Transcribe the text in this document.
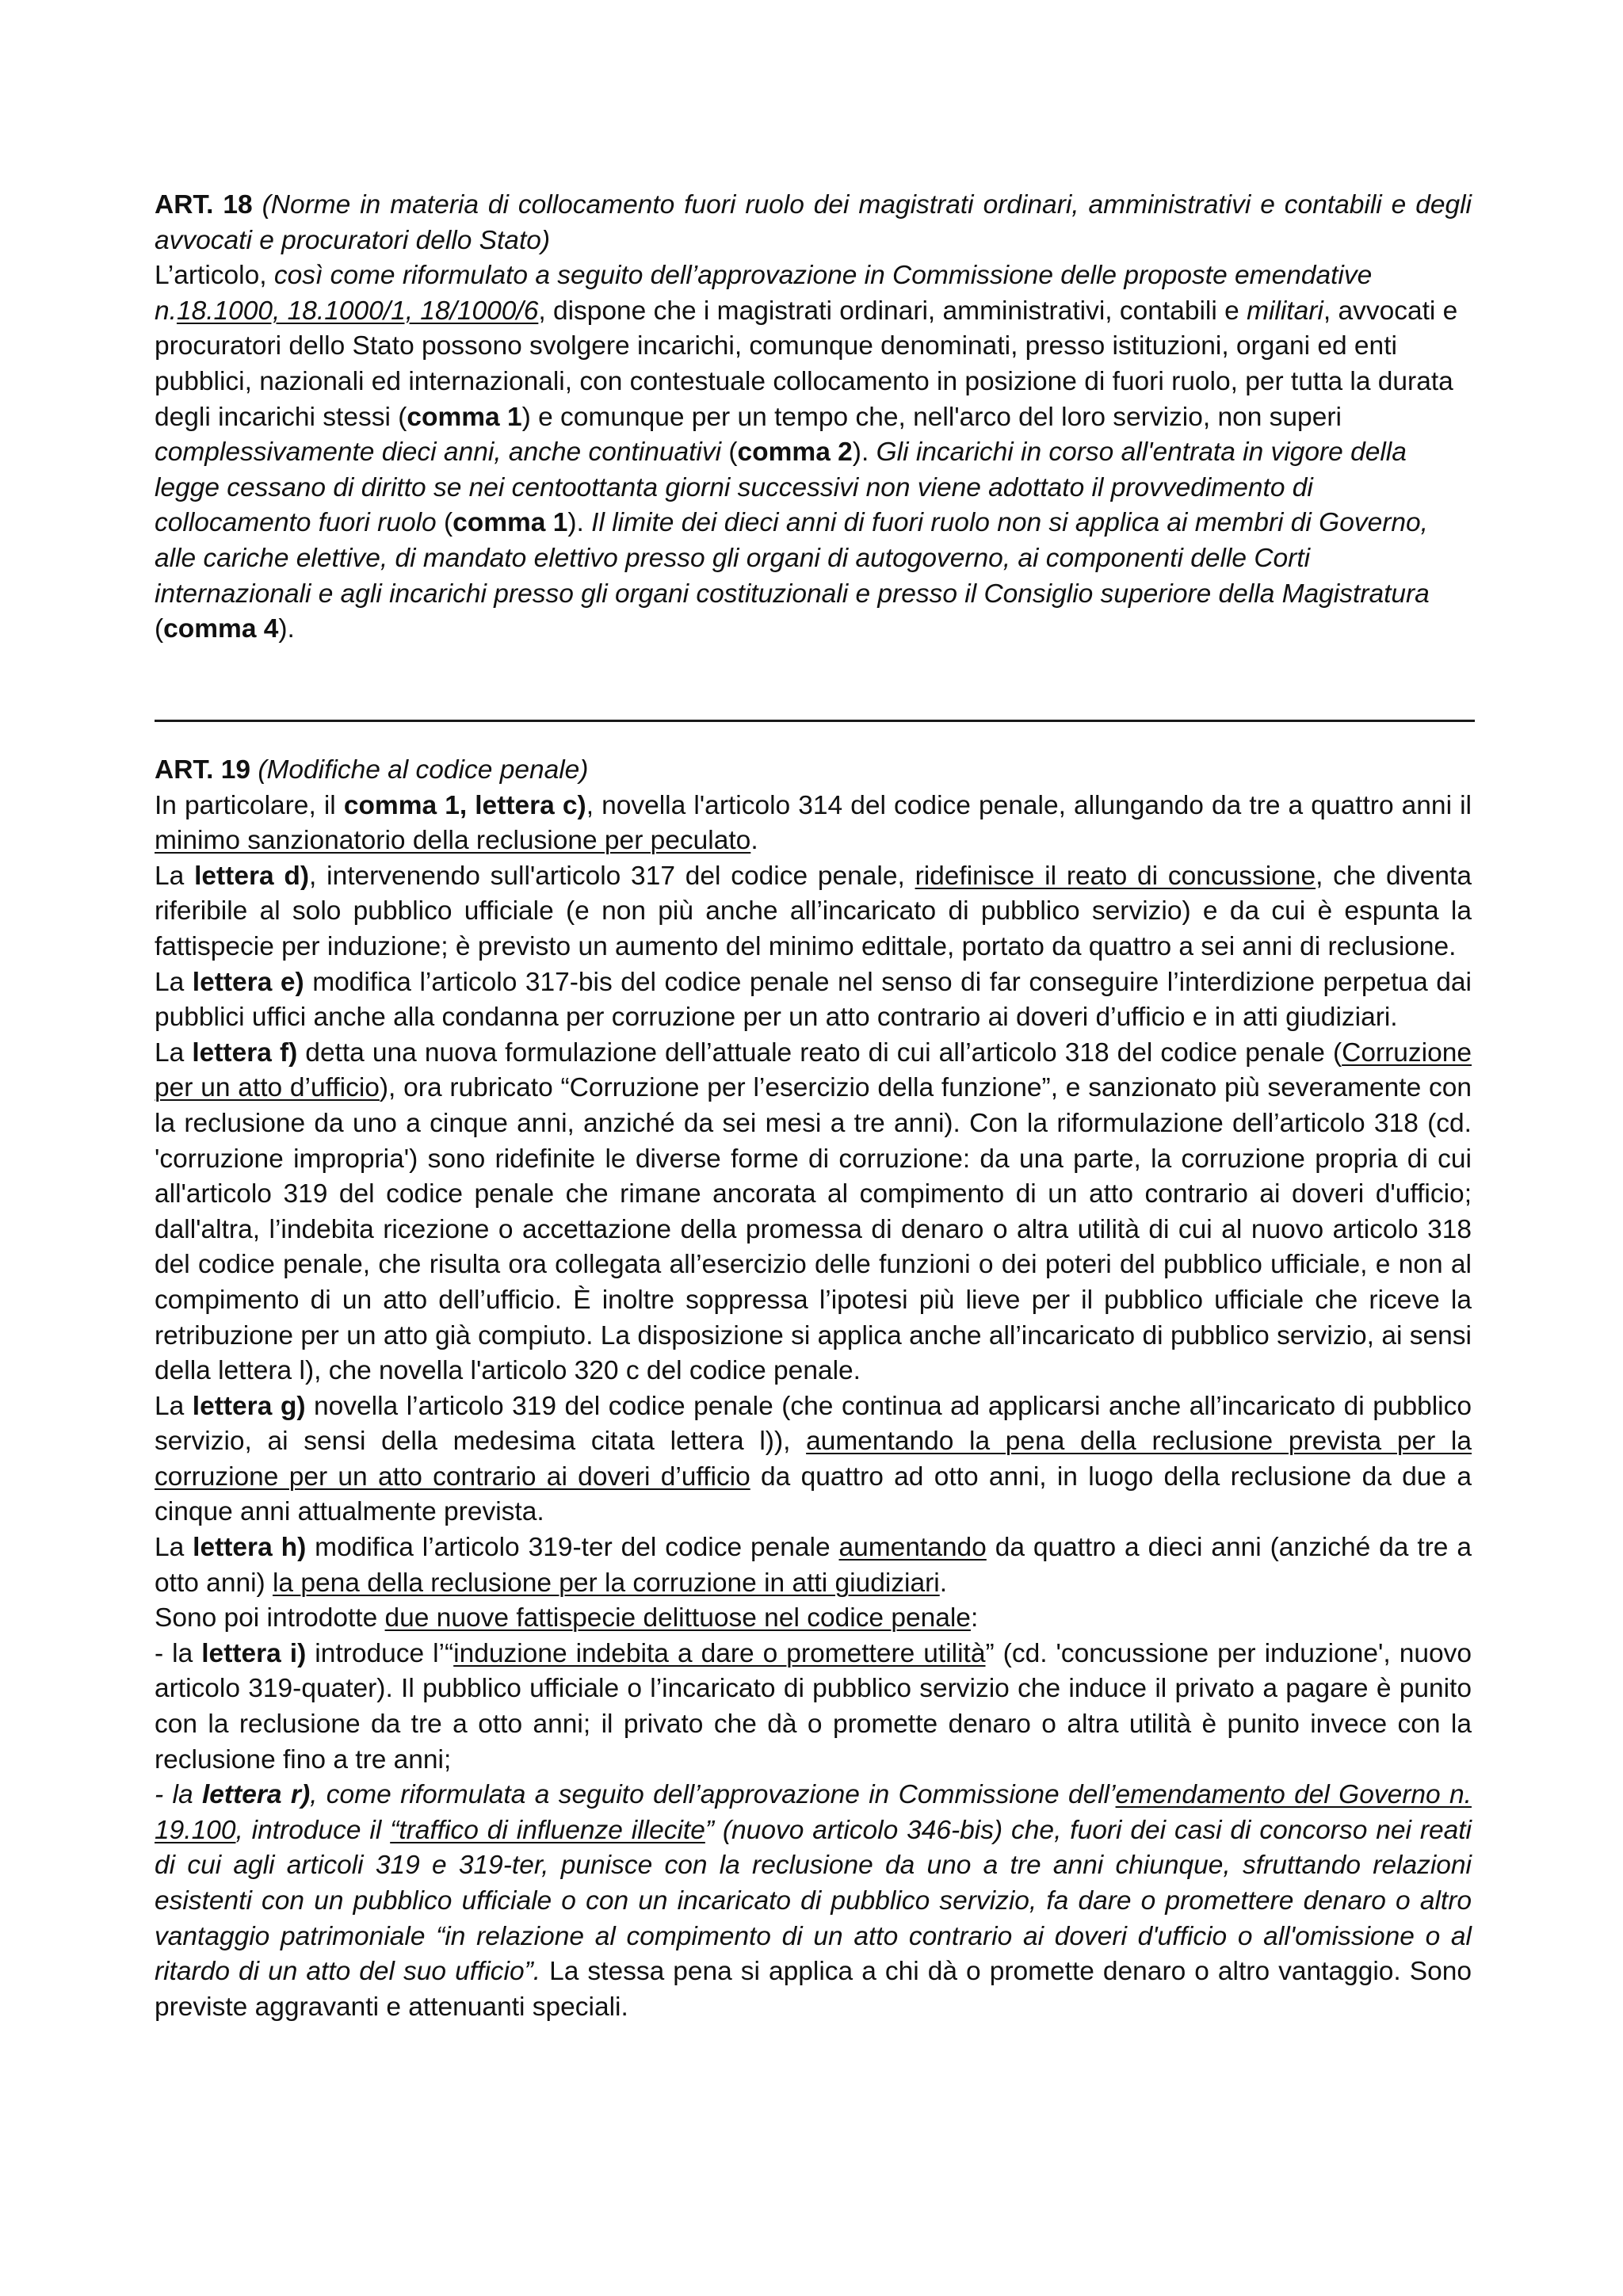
ART. 18 (Norme in materia di collocamento fuori ruolo dei magistrati ordinari, amministrativi e contabili e degli avvocati e procuratori dello Stato)

L’articolo, così come riformulato a seguito dell’approvazione in Commissione delle proposte emendative n.18.1000, 18.1000/1, 18/1000/6, dispone che i magistrati ordinari, amministrativi, contabili e militari, avvocati e procuratori dello Stato possono svolgere incarichi, comunque denominati, presso istituzioni, organi ed enti pubblici, nazionali ed internazionali, con contestuale collocamento in posizione di fuori ruolo, per tutta la durata degli incarichi stessi (comma 1) e comunque per un tempo che, nell'arco del loro servizio, non superi complessivamente dieci anni, anche continuativi (comma 2). Gli incarichi in corso all'entrata in vigore della legge cessano di diritto se nei centoottanta giorni successivi non viene adottato il provvedimento di collocamento fuori ruolo (comma 1). Il limite dei dieci anni di fuori ruolo non si applica ai membri di Governo, alle cariche elettive, di mandato elettivo presso gli organi di autogoverno, ai componenti delle Corti internazionali e agli incarichi presso gli organi costituzionali e presso il Consiglio superiore della Magistratura (comma 4).

ART. 19 (Modifiche al codice penale)

In particolare, il comma 1, lettera c), novella l'articolo 314 del codice penale, allungando da tre a quattro anni il minimo sanzionatorio della reclusione per peculato.

La lettera d), intervenendo sull'articolo 317 del codice penale, ridefinisce il reato di concussione, che diventa riferibile al solo pubblico ufficiale (e non più anche all’incaricato di pubblico servizio) e da cui è espunta la fattispecie per induzione; è previsto un aumento del minimo edittale, portato da quattro a sei anni di reclusione.

La lettera e) modifica l’articolo 317-bis del codice penale nel senso di far conseguire l’interdizione perpetua dai pubblici uffici anche alla condanna per corruzione per un atto contrario ai doveri d’ufficio e in atti giudiziari.

La lettera f) detta una nuova formulazione dell’attuale reato di cui all’articolo 318 del codice penale (Corruzione per un atto d’ufficio), ora rubricato “Corruzione per l’esercizio della funzione”, e sanzionato più severamente con la reclusione da uno a cinque anni, anziché da sei mesi a tre anni). Con la riformulazione dell’articolo 318 (cd. 'corruzione impropria') sono ridefinite le diverse forme di corruzione: da una parte, la corruzione propria di cui all'articolo 319 del codice penale che rimane ancorata al compimento di un atto contrario ai doveri d'ufficio; dall'altra, l’indebita ricezione o accettazione della promessa di denaro o altra utilità di cui al nuovo articolo 318 del codice penale, che risulta ora collegata all’esercizio delle funzioni o dei poteri del pubblico ufficiale, e non al compimento di un atto dell’ufficio. È inoltre soppressa l’ipotesi più lieve per il pubblico ufficiale che riceve la retribuzione per un atto già compiuto. La disposizione si applica anche all’incaricato di pubblico servizio, ai sensi della lettera l), che novella l'articolo 320 c del codice penale.

La lettera g) novella l’articolo 319 del codice penale (che continua ad applicarsi anche all’incaricato di pubblico servizio, ai sensi della medesima citata lettera l)), aumentando la pena della reclusione prevista per la corruzione per un atto contrario ai doveri d’ufficio da quattro ad otto anni, in luogo della reclusione da due a cinque anni attualmente prevista.

La lettera h) modifica l’articolo 319-ter del codice penale aumentando da quattro a dieci anni (anziché da tre a otto anni) la pena della reclusione per la corruzione in atti giudiziari.

Sono poi introdotte due nuove fattispecie delittuose nel codice penale:

- la lettera i) introduce l’“induzione indebita a dare o promettere utilità” (cd. 'concussione per induzione', nuovo articolo 319-quater). Il pubblico ufficiale o l’incaricato di pubblico servizio che induce il privato a pagare è punito con la reclusione da tre a otto anni; il privato che dà o promette denaro o altra utilità è punito invece con la reclusione fino a tre anni;

- la lettera r), come riformulata a seguito dell’approvazione in Commissione dell’emendamento del Governo n. 19.100, introduce il “traffico di influenze illecite” (nuovo articolo 346-bis) che, fuori dei casi di concorso nei reati di cui agli articoli 319 e 319-ter, punisce con la reclusione da uno a tre anni chiunque, sfruttando relazioni esistenti con un pubblico ufficiale o con un incaricato di pubblico servizio, fa dare o promettere denaro o altro vantaggio patrimoniale “in relazione al compimento di un atto contrario ai doveri d'ufficio o all'omissione o al ritardo di un atto del suo ufficio”. La stessa pena si applica a chi dà o promette denaro o altro vantaggio. Sono previste aggravanti e attenuanti speciali.
